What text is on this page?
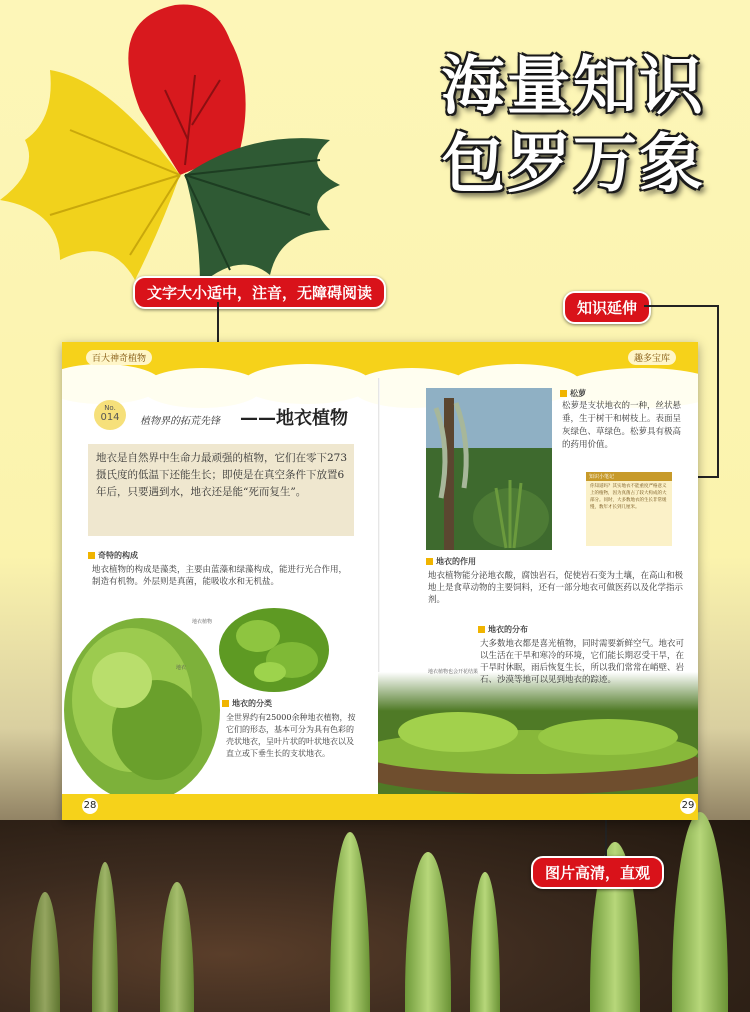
海量知识
包罗万象
文字大小适中，注音，无障碍阅读
知识延伸
图片高清，直观
百大神奇植物	趣多宝库
No.
014	植物界的拓荒先锋 ——地衣植物
地衣是自然界中生命力最顽强的植物，它们在零下273摄氏度的低温下还能生长；即使是在真空条件下放置6年后，只要遇到水，地衣还是能“死而复生”。
奇特的构成
地衣植物的构成是藻类，主要由蓝藻和绿藻构成，能进行光合作用，制造有机物。外层则是真菌，能吸收水和无机盐。
地衣植物
地衣
地衣的分类
全世界约有25000余种地衣植物，按它们的形态，基本可分为具有色彩的壳状地衣，呈叶片状的叶状地衣以及直立或下垂生长的支状地衣。
松萝
松萝是支状地衣的一种，丝状悬垂，生于树干和树枝上。表面呈灰绿色、草绿色。松萝具有极高的药用价值。
知识小笔记
你知道吗？其实地衣不能重度严格意义上的植物，因为真菌占了较大构成的大部分。同时，大多数地衣的生长非常缓慢，数年才长到几厘米。
地衣的作用
地衣植物能分泌地衣酸，腐蚀岩石，促使岩石变为土壤，在高山和极地上是食草动物的主要饲料，还有一部分地衣可做医药以及化学指示剂。
地衣的分布
大多数地衣都是喜光植物，同时需要新鲜空气。地衣可以生活在干旱和寒冷的环境，它们能长期忍受干旱，在干旱时休眠，雨后恢复生长，所以我们常常在峭壁、岩石、沙漠等地可以见到地衣的踪迹。
地衣植物也会开花结果
28	29
